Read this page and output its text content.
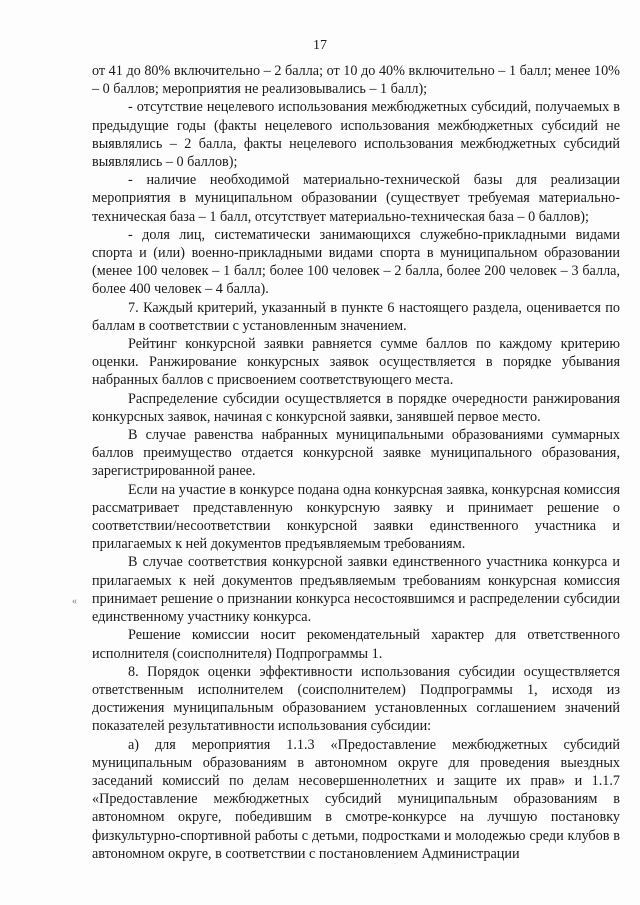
17
«

от 41 до 80% включительно – 2 балла; от 10 до 40% включительно – 1 балл; менее 10% – 0 баллов; мероприятия не реализовывались – 1 балл);

- отсутствие нецелевого использования межбюджетных субсидий, получаемых в предыдущие годы (факты нецелевого использования межбюджетных субсидий не выявлялись – 2 балла, факты нецелевого использования межбюджетных субсидий выявлялись – 0 баллов);

- наличие необходимой материально-технической базы для реализации мероприятия в муниципальном образовании (существует требуемая материально-техническая база – 1 балл, отсутствует материально-техническая база – 0 баллов);

- доля лиц, систематически занимающихся служебно-прикладными видами спорта и (или) военно-прикладными видами спорта в муниципальном образовании (менее 100 человек – 1 балл; более 100 человек – 2 балла, более 200 человек – 3 балла, более 400 человек – 4 балла).

7. Каждый критерий, указанный в пункте 6 настоящего раздела, оценивается по баллам в соответствии с установленным значением.

Рейтинг конкурсной заявки равняется сумме баллов по каждому критерию оценки. Ранжирование конкурсных заявок осуществляется в порядке убывания набранных баллов с присвоением соответствующего места.

Распределение субсидии осуществляется в порядке очередности ранжирования конкурсных заявок, начиная с конкурсной заявки, занявшей первое место.

В случае равенства набранных муниципальными образованиями суммарных баллов преимущество отдается конкурсной заявке муниципального образования, зарегистрированной ранее.

Если на участие в конкурсе подана одна конкурсная заявка, конкурсная комиссия рассматривает представленную конкурсную заявку и принимает решение о соответствии/несоответствии конкурсной заявки единственного участника и прилагаемых к ней документов предъявляемым требованиям.

В случае соответствия конкурсной заявки единственного участника конкурса и прилагаемых к ней документов предъявляемым требованиям конкурсная комиссия принимает решение о признании конкурса несостоявшимся и распределении субсидии единственному участнику конкурса.

Решение комиссии носит рекомендательный характер для ответственного исполнителя (соисполнителя) Подпрограммы 1.

8. Порядок оценки эффективности использования субсидии осуществляется ответственным исполнителем (соисполнителем) Подпрограммы 1, исходя из достижения муниципальным образованием установленных соглашением значений показателей результативности использования субсидии:

а) для мероприятия 1.1.3 «Предоставление межбюджетных субсидий муниципальным образованиям в автономном округе для проведения выездных заседаний комиссий по делам несовершеннолетних и защите их прав» и 1.1.7 «Предоставление межбюджетных субсидий муниципальным образованиям в автономном округе, победившим в смотре-конкурсе на лучшую постановку физкультурно-спортивной работы с детьми, подростками и молодежью среди клубов в автономном округе, в соответствии с постановлением Администрации
